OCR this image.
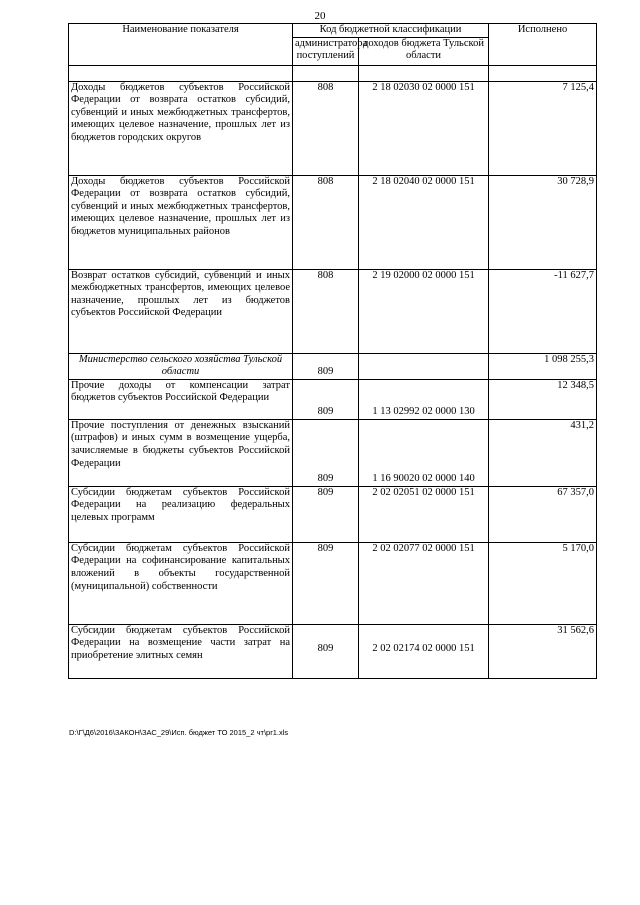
20
Наименование показателя	Код бюджетной классификации		Исполнено
	администратора поступлений	доходов бюджета Тульской области	

Доходы бюджетов субъектов Российской Федерации от возврата остатков субсидий, субвенций и иных межбюджетных трансфертов, имеющих целевое назначение, прошлых лет из бюджетов городских округов	808	2 18 02030 02 0000 151	7 125,4
Доходы бюджетов субъектов Российской Федерации от возврата остатков субсидий, субвенций и иных межбюджетных трансфертов, имеющих целевое назначение, прошлых лет из бюджетов муниципальных районов	808	2 18 02040 02 0000 151	30 728,9
Возврат остатков субсидий, субвенций и иных межбюджетных трансфертов, имеющих целевое назначение, прошлых лет из бюджетов субъектов Российской Федерации	808	2 19 02000 02 0000 151	-11 627,7
Министерство сельского хозяйства Тульской области	809		1 098 255,3
Прочие доходы от компенсации затрат бюджетов субъектов Российской Федерации	809	1 13 02992 02 0000 130	12 348,5
Прочие поступления от денежных взысканий (штрафов) и иных сумм в возмещение ущерба, зачисляемые в бюджеты субъектов Российской Федерации	809	1 16 90020 02 0000 140	431,2
Субсидии бюджетам субъектов Российской Федерации на реализацию федеральных целевых программ	809	2 02 02051 02 0000 151	67 357,0
Субсидии бюджетам субъектов Российской Федерации на софинансирование капитальных вложений в объекты государственной (муниципальной) собственности	809	2 02 02077 02 0000 151	5 170,0
Субсидии бюджетам субъектов Российской Федерации на возмещение части затрат на приобретение элитных семян	809	2 02 02174 02 0000 151	31 562,6
D:\Г\Д6\2016\ЗАКОН\ЗАС_29\Исп. бюджет ТО 2015_2 чт\pr1.xls
